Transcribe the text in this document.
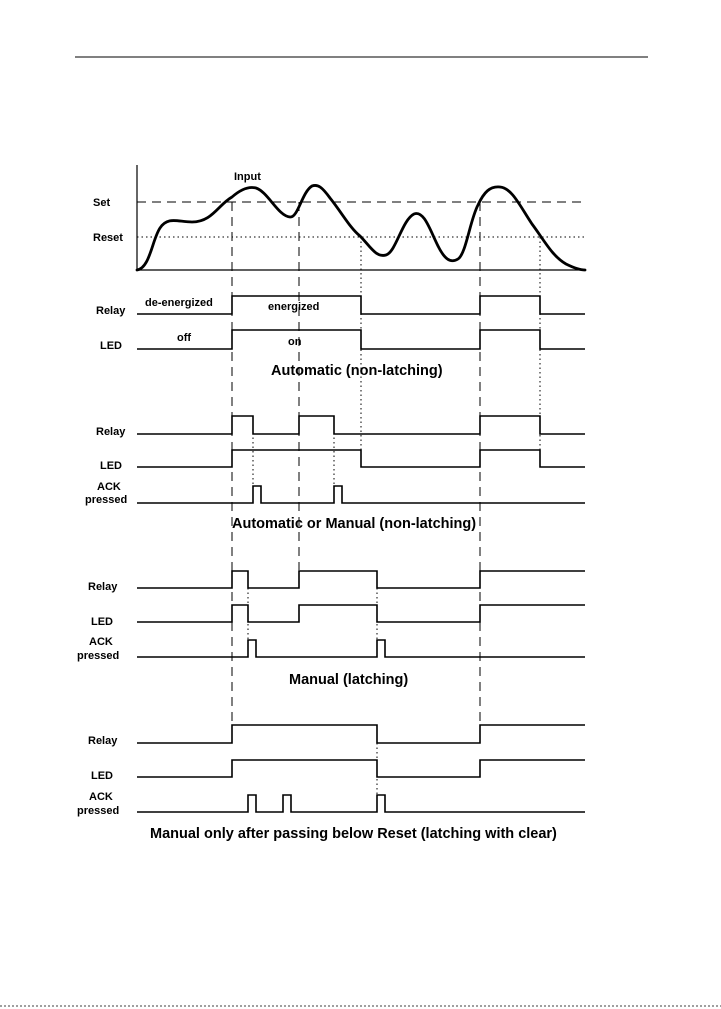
Input
Set
Reset
Relay
de-energized	energized
LED
off	on
Automatic (non-latching)
Relay
LED
ACK
pressed
Automatic or Manual (non-latching)
Relay
LED
ACK
pressed
Manual (latching)
Relay
LED
ACK
pressed
Manual only after passing below Reset (latching with clear)
